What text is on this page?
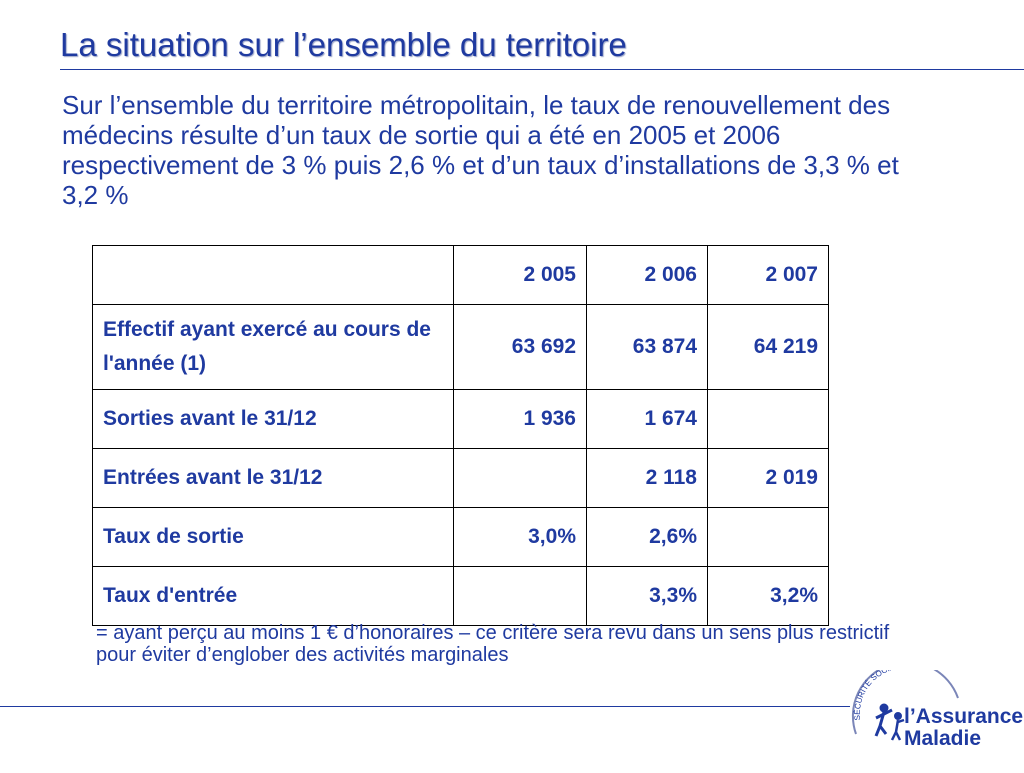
La situation sur l’ensemble du territoire
Sur l’ensemble du territoire métropolitain, le taux de renouvellement des médecins résulte d’un taux de sortie qui a été en 2005 et 2006 respectivement de 3 % puis 2,6 % et d’un taux d’installations de 3,3 % et 3,2 %
	2 005	2 006	2 007
Effectif ayant exercé au cours de l'année (1)	63 692	63 874	64 219
Sorties avant le 31/12	1 936	1 674	
Entrées avant le 31/12		2 118	2 019
Taux de sortie	3,0%	2,6%	
Taux d'entrée		3,3%	3,2%
= ayant perçu au moins 1 € d’honoraires – ce critère sera revu dans un sens plus restrictif pour éviter d’englober des activités marginales
SÉCURITÉ SOC
l’Assurance
Maladie
